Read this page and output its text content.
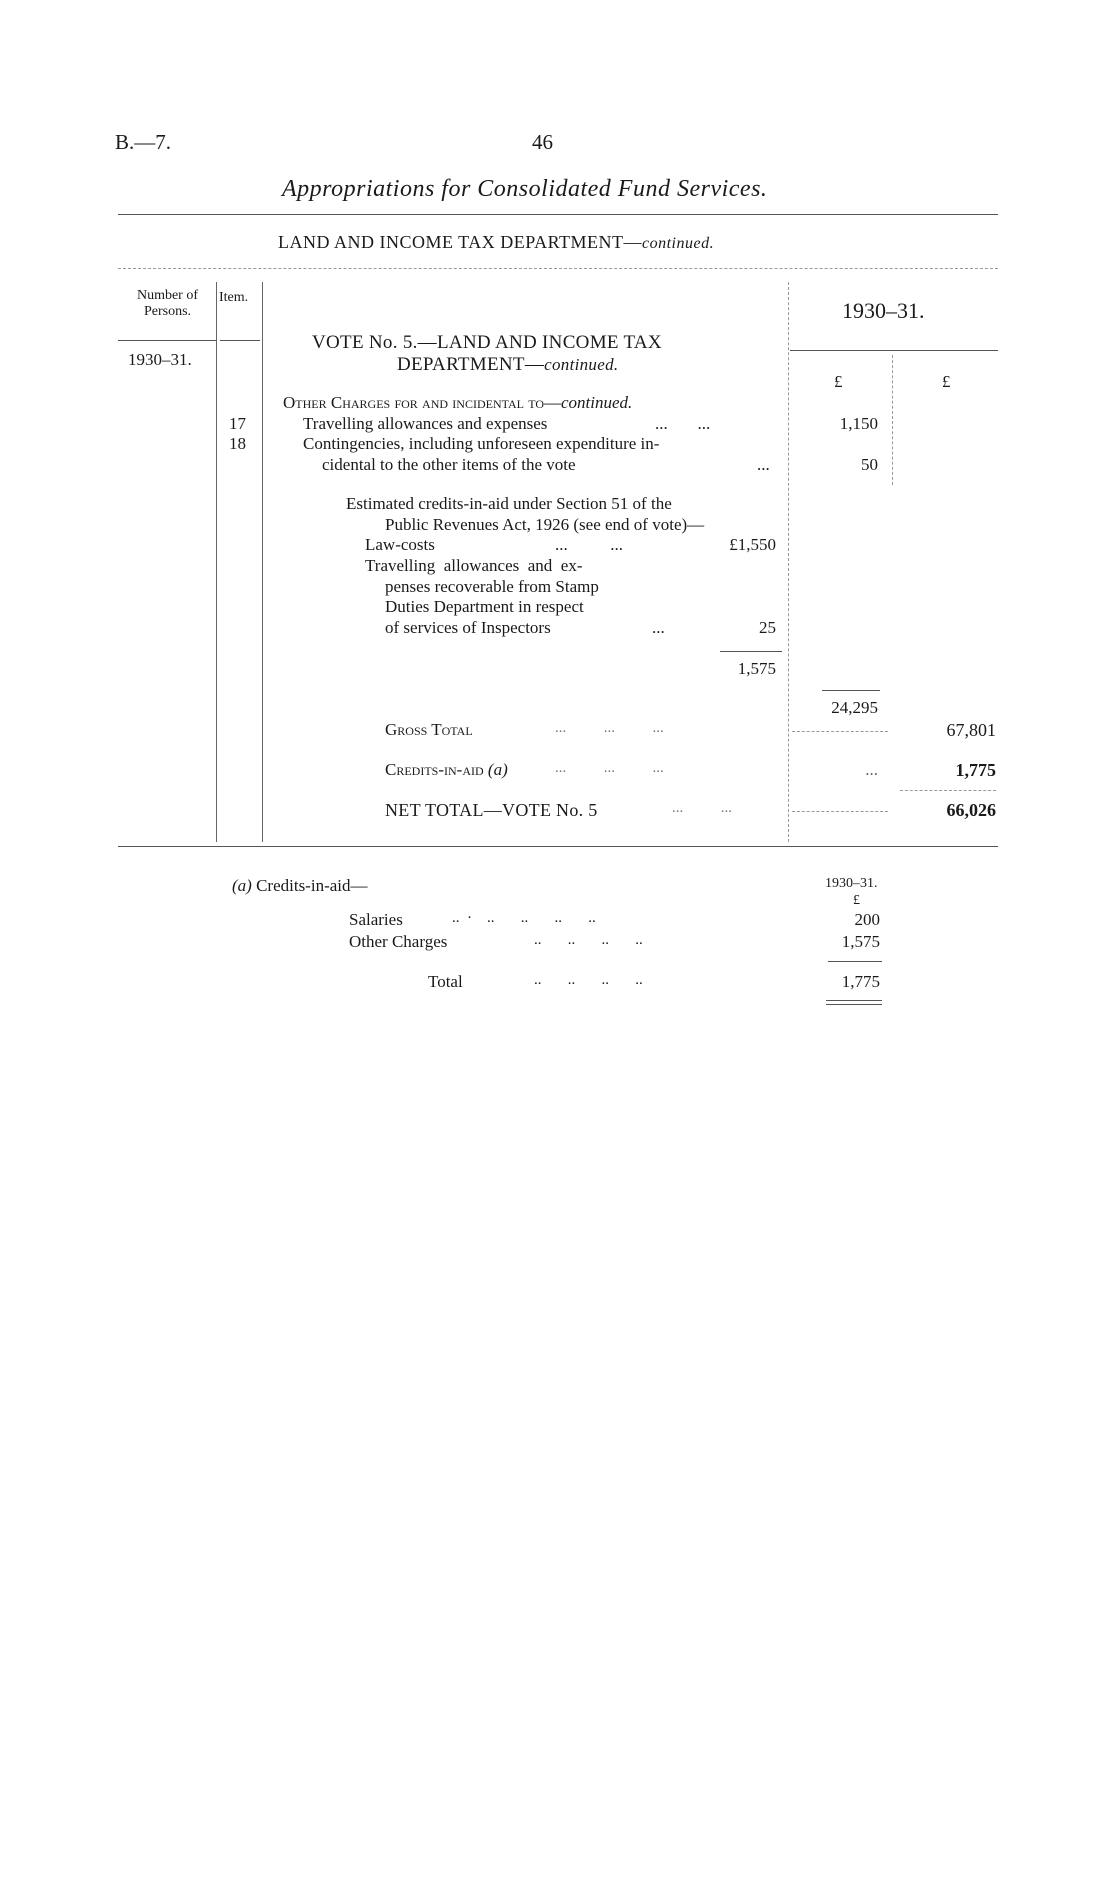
B.—7.	46
Appropriations for Consolidated Fund Services.
LAND AND INCOME TAX DEPARTMENT—continued.
Number of Persons.
Item.
1930–31.
1930–31.
£	£
VOTE No. 5.—LAND AND INCOME TAX
DEPARTMENT—continued.
Other Charges for and incidental to—continued.
17	Travelling allowances and expenses	...       ...	1,150
18	Contingencies, including unforeseen expenditure in-
cidental to the other items of the vote	...	50
Estimated credits-in-aid under Section 51 of the
Public Revenues Act, 1926 (see end of vote)—
Law-costs	...          ...	£1,550
Travelling  allowances  and  ex-
penses recoverable from Stamp
Duties Department in respect
of services of Inspectors	...	25
1,575
24,295
Gross Total	...          ...          ...	67,801
Credits-in-aid (a)	...          ...          ...	...	1,775
NET TOTAL—VOTE No. 5	...          ...	66,026
(a) Credits-in-aid—	1930–31.
£
Salaries	..  ·    ..       ..       ..       ..	200
Other Charges	..       ..       ..       ..	1,575
Total	..       ..       ..       ..	1,775
